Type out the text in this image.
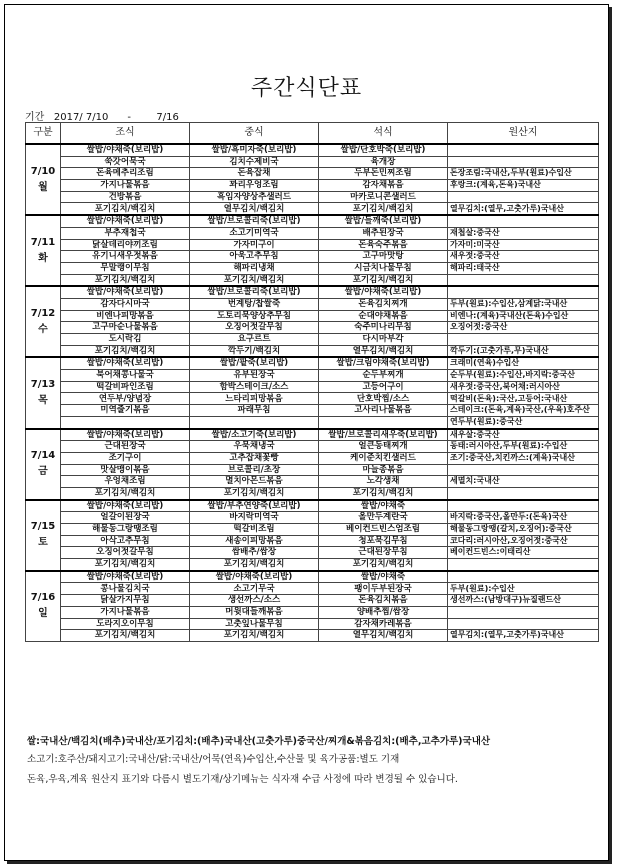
주간식단표
기간   2017/ 7/10      -        7/16
구분	조식	중식	석식	원산지
7/10
월	쌀밥/야채죽(보리밥)	쌀밥/흑미자죽(보리밥)	쌀밥/단호박죽(보리밥)	
	쑥갓어묵국	김치수제비국	육개장	
	돈육메추리조림	돈육잡채	두부돈민찌조림	돈장조림:국내산,두부(원료)수입산
	가지나물볶음	꽈리우엉조림	감자채볶음	후랑크:(계육,돈육)국내산
	건방볶음	흑임자양상추샐러드	마카로니콘샐러드	
	포기김치/백김치	열무김치/백김치	포기김치/백김치	열무김치:(열무,고춧가루)국내산
7/11
화	쌀밥/야채죽(보리밥)	쌀밥/브로콜리죽(보리밥)	쌀밥/들깨죽(보리밥)	
	부추재첩국	소고기미역국	배추된장국	재첩살:중국산
	닭살데리야끼조림	가자미구이	돈육숙주볶음	가자미:미국산
	유기니새우젓볶음	아욱고추무침	고구마맛탕	새우젓:중국산
	무말랭이무침	해파리냉채	시금치나물무침	해파리:태국산
	포기김치/백김치	포기김치/백김치	포기김치/백김치	
7/12
수	쌀밥/야채죽(보리밥)	쌀밥/브로콜리죽(보리밥)	쌀밥/야채죽(보리밥)	
	감자다시마국	번계탕/찹쌀죽	돈육김치찌개	두부(원료):수입산,삼계닭:국내산
	비엔나피망볶음	도토리묵양상추무침	순대야채볶음	비엔나:(계육)국내산(돈육)수입산
	고구마순나물볶음	오징어젓갈무침	숙주미나리무침	오징어젓:중국산
	도시락김	요구르트	다시마부각	
	포기김치/백김치	깍두기/백김치	열무김치/백김치	깍두기:(고춧가루,무)국내산
7/13
목	쌀밥/야채죽(보리밥)	쌀밥/팥죽(보리밥)	쌀밥/크림야채죽(보리밥)	크래미(연육)수입산
	북어채콩나물국	유부된장국	순두부찌개	순두부(원료):수입산,바지락:중국산
	떡갈비파인조림	함박스테이크/소스	고등어구이	새우젓:중국산,북어채:러시아산
	연두부/양념장	느타리피망볶음	단호박찜/소스	떡갈비(돈육):국산,고등어:국내산
	미역줄기볶음	파래무침	고사리나물볶음	스테이크:(돈육,계육)국산,(우육)호주산
				연두부(원료):중국산
7/14
금	쌀밥/야채죽(보리밥)	쌀밥/소고기죽(보리밥)	쌀밥/브로콜리새우죽(보리밥)	새우살:중국산
	근대된장국	우묵채냉국	얼큰동태찌개	동태:러시아산,두부(원료):수입산
	조기구이	고추잡채꽃빵	케이준치킨샐러드	조기:중국산,치킨까스:(계육)국내산
	맛살맹이볶음	브로콜리/초장	마늘종볶음	
	우엉채조림	멸치아몬드볶음	노각생채	세멸치:국내산
	포기김치/백김치	포기김치/백김치	포기김치/백김치	
7/15
토	쌀밥/야채죽(보리밥)	쌀밥/부추연양죽(보리밥)	쌀밥/야채죽	
	얼갈이된장국	바지락미역국	올만두계란국	바지락:중국산,올만두:(돈육)국산
	해물동그랑땡조림	떡갈비조림	베이컨드빈스엄조림	해물동그랑땡(갈치,오징어):중국산
	아삭고추무침	새송이피망볶음	청포묵김무침	코다리:러시아산,오징어젓:중국산
	오징어젓갈무침	쌈배추/쌈장	근대된장무침	베이컨드빈스:이태리산
	포기김치/백김치	포기김치/백김치	포기김치/백김치	
7/16
일	쌀밥/야채죽(보리밥)	쌀밥/야채죽(보리밥)	쌀밥/야채죽	
	콩나물김치국	소고기무국	팽이두부된장국	두부(원료):수입산
	닭살가지무침	생선까스/소스	돈육김치볶음	생선까스:(남방대구)뉴질랜드산
	가지나물볶음	머윗대들깨볶음	양배추찜/쌈장	
	도라지오이무침	고춧잎나물무침	감자채카레볶음	
	포기김치/백김치	포기김치/백김치	열무김치/백김치	열무김치:(열무,고춧가루)국내산
쌀:국내산/백김치(배추)국내산/포기김치:(배추)국내산(고춧가루)중국산/찌개&볶음김치:(배추,고추가루)국내산
소고기:호주산/돼지고기:국내산/닭:국내산/어묵(연육)수입산,수산물 및 육가공품:별도 기재
돈육,우육,계육 원산지 표기와 다름시 별도기재/상기메뉴는 식자재 수급 사정에 따라 변경될 수 있습니다.
